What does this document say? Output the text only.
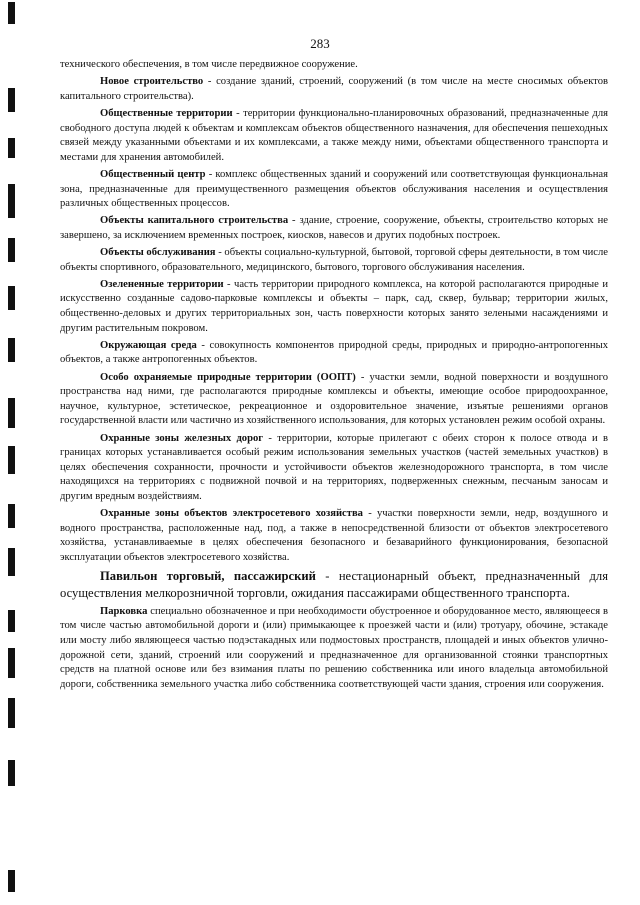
283

технического обеспечения, в том числе передвижное сооружение.

Новое строительство - создание зданий, строений, сооружений (в том числе на месте сносимых объектов капитального строительства).

Общественные территории - территории функционально-планировочных образований, предназначенные для свободного доступа людей к объектам и комплексам объектов общественного назначения, для обеспечения пешеходных связей между указанными объектами и их комплексами, а также между ними, объектами общественного транспорта и местами для хранения автомобилей.

Общественный центр - комплекс общественных зданий и сооружений или соответствующая функциональная зона, предназначенные для преимущественного размещения объектов обслуживания населения и осуществления различных общественных процессов.

Объекты капитального строительства - здание, строение, сооружение, объекты, строительство которых не завершено, за исключением временных построек, киосков, навесов и других подобных построек.

Объекты обслуживания - объекты социально-культурной, бытовой, торговой сферы деятельности, в том числе объекты спортивного, образовательного, медицинского, бытового, торгового обслуживания населения.

Озелененные территории - часть территории природного комплекса, на которой располагаются природные и искусственно созданные садово-парковые комплексы и объекты – парк, сад, сквер, бульвар; территории жилых, общественно-деловых и других территориальных зон, часть поверхности которых занято зелеными насаждениями и другим растительным покровом.

Окружающая среда - совокупность компонентов природной среды, природных и природно-антропогенных объектов, а также антропогенных объектов.

Особо охраняемые природные территории (ООПТ) - участки земли, водной поверхности и воздушного пространства над ними, где располагаются природные комплексы и объекты, имеющие особое природоохранное, научное, культурное, эстетическое, рекреационное и оздоровительное значение, изъятые решениями органов государственной власти или частично из хозяйственного использования, для которых установлен режим особой охраны.

Охранные зоны железных дорог - территории, которые прилегают с обеих сторон к полосе отвода и в границах которых устанавливается особый режим использования земельных участков (частей земельных участков) в целях обеспечения сохранности, прочности и устойчивости объектов железнодорожного транспорта, в том числе находящихся на территориях с подвижной почвой и на территориях, подверженных снежным, песчаным заносам и другим вредным воздействиям.

Охранные зоны объектов электросетевого хозяйства - участки поверхности земли, недр, воздушного и водного пространства, расположенные над, под, а также в непосредственной близости от объектов электросетевого хозяйства, устанавливаемые в целях обеспечения безопасного и безаварийного функционирования, безопасной эксплуатации объектов электросетевого хозяйства.

Павильон торговый, пассажирский - нестационарный объект, предназначенный для осуществления мелкорозничной торговли, ожидания пассажирами общественного транспорта.

Парковка специально обозначенное и при необходимости обустроенное и оборудованное место, являющееся в том числе частью автомобильной дороги и (или) примыкающее к проезжей части и (или) тротуару, обочине, эстакаде или мосту либо являющееся частью подэстакадных или подмостовых пространств, площадей и иных объектов улично-дорожной сети, зданий, строений или сооружений и предназначенное для организованной стоянки транспортных средств на платной основе или без взимания платы по решению собственника или иного владельца автомобильной дороги, собственника земельного участка либо собственника соответствующей части здания, строения или сооружения.
